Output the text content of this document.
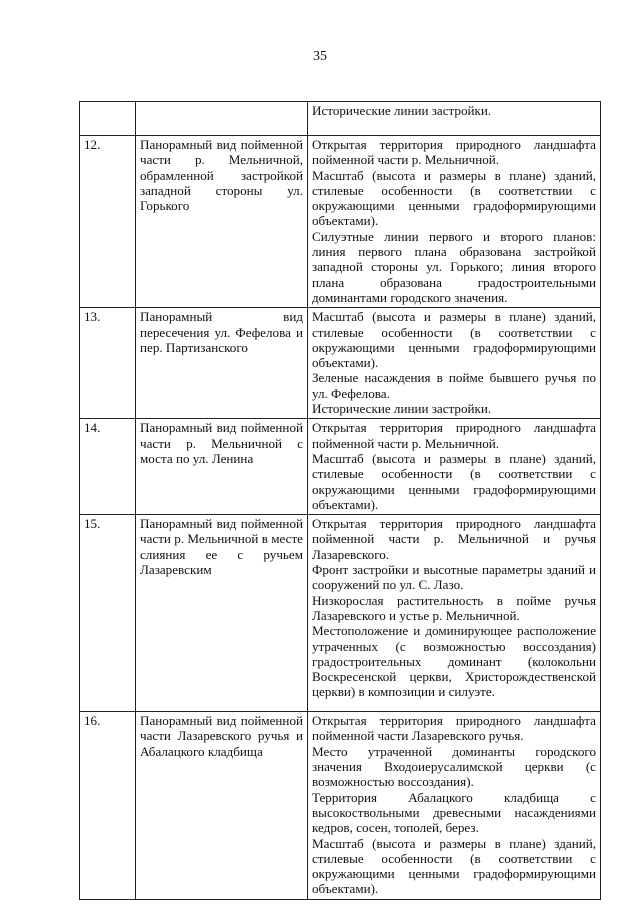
35

		Исторические линии застройки.

12.	Панорамный вид пойменной части р. Мельничной, обрамленной застройкой западной стороны ул. Горького	Открытая территория природного ландшафта пойменной части р. Мельничной.

Масштаб (высота и размеры в плане) зданий, стилевые особенности (в соответствии с окружающими ценными градоформирующими объектами).

Силуэтные линии первого и второго планов: линия первого плана образована застройкой западной стороны ул. Горького; линия второго плана образована градостроительными доминантами городского значения.

13.	Панорамный вид пересечения ул. Фефелова и пер. Партизанского	Масштаб (высота и размеры в плане) зданий, стилевые особенности (в соответствии с окружающими ценными градоформирующими объектами).

Зеленые насаждения в пойме бывшего ручья по ул. Фефелова.

Исторические линии застройки.

14.	Панорамный вид пойменной части р. Мельничной с моста по ул. Ленина	Открытая территория природного ландшафта пойменной части р. Мельничной.

Масштаб (высота и размеры в плане) зданий, стилевые особенности (в соответствии с окружающими ценными градоформирующими объектами).

15.	Панорамный вид пойменной части р. Мельничной в месте слияния ее с ручьем Лазаревским	Открытая территория природного ландшафта пойменной части р. Мельничной и ручья Лазаревского.

Фронт застройки и высотные параметры зданий и сооружений по ул. С. Лазо.

Низкорослая растительность в пойме ручья Лазаревского и устье р. Мельничной.

Местоположение и доминирующее расположение утраченных (с возможностью воссоздания) градостроительных доминант (колокольни Воскресенской церкви, Христорождественской церкви) в композиции и силуэте.

16.	Панорамный вид пойменной части Лазаревского ручья и Абалацкого кладбища	Открытая территория природного ландшафта пойменной части Лазаревского ручья.

Место утраченной доминанты городского значения Входоиерусалимской церкви (с возможностью воссоздания).

Территория Абалацкого кладбища с высокоствольными древесными насаждениями кедров, сосен, тополей, берез.

Масштаб (высота и размеры в плане) зданий, стилевые особенности (в соответствии с окружающими ценными градоформирующими объектами).
